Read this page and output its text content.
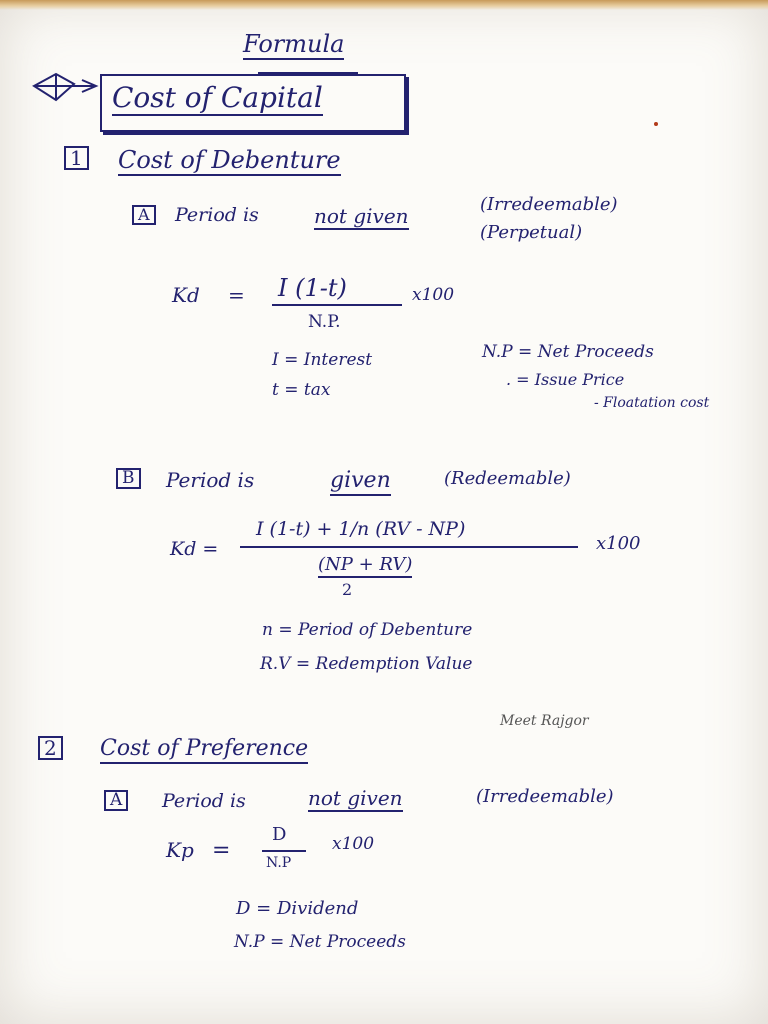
Formula
Cost of Capital
1 Cost of Debenture
A	Period is	not given	(Irredeemable)
(Perpetual)
Kd = I (1-t)
N.P.
x100
I = Interest
t = tax
N.P = Net Proceeds
. = Issue Price
- Floatation cost
B	Period is	given	(Redeemable)
Kd =
I (1-t) + 1/n (RV - NP)
(NP + RV)
2
x100
n = Period of Debenture
R.V = Redemption Value
Meet Rajgor
2 Cost of Preference
A	Period is	not given	(Irredeemable)
Kp =
D
N.P
x100
D = Dividend
N.P = Net Proceeds
